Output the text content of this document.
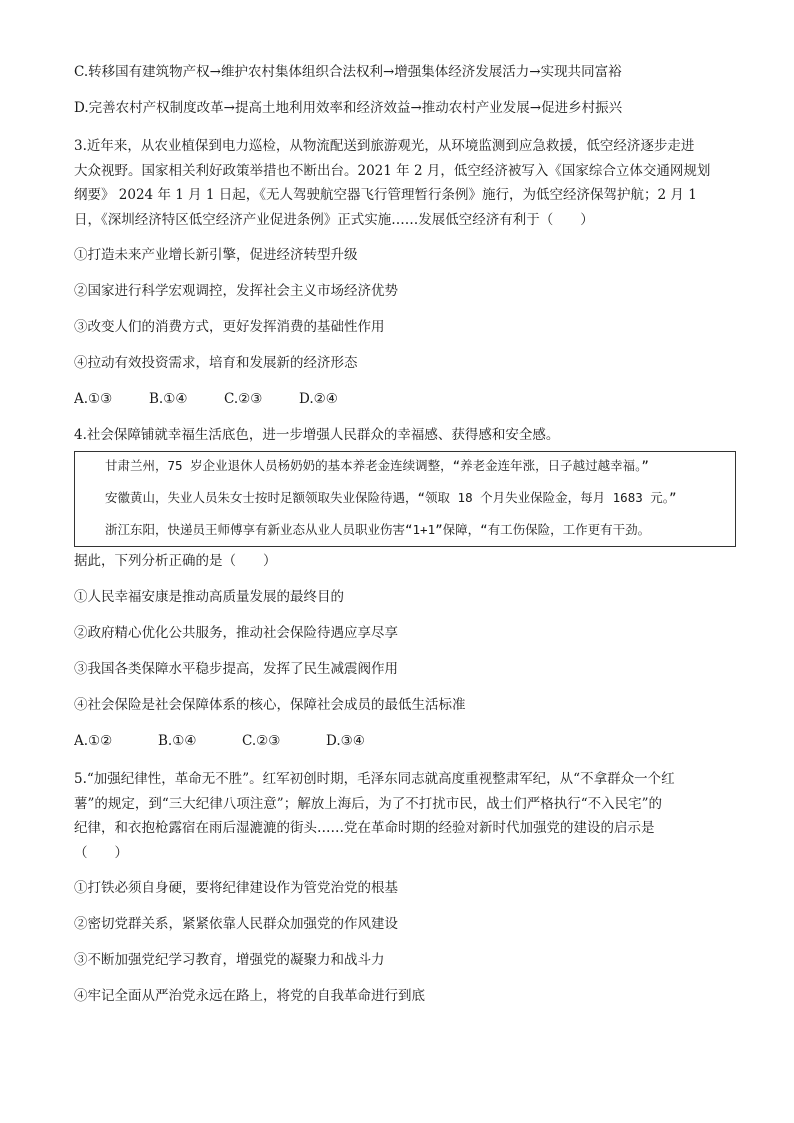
C.转移国有建筑物产权→维护农村集体组织合法权利→增强集体经济发展活力→实现共同富裕
D.完善农村产权制度改革→提高土地利用效率和经济效益→推动农村产业发展→促进乡村振兴
3.近年来，从农业植保到电力巡检，从物流配送到旅游观光，从环境监测到应急救援，低空经济逐步走进
大众视野。国家相关利好政策举措也不断出台。2021 年 2 月，低空经济被写入《国家综合立体交通网规划
纲要》 2024 年 1 月 1 日起，《无人驾驶航空器飞行管理暂行条例》施行，为低空经济保驾护航；2 月 1
日，《深圳经济特区低空经济产业促进条例》正式实施……发展低空经济有利于（　　）
①打造未来产业增长新引擎，促进经济转型升级
②国家进行科学宏观调控，发挥社会主义市场经济优势
③改变人们的消费方式，更好发挥消费的基础性作用
④拉动有效投资需求，培育和发展新的经济形态
A.①③	B.①④	C.②③	D.②④
4.社会保障铺就幸福生活底色，进一步增强人民群众的幸福感、获得感和安全感。
甘肃兰州，75 岁企业退休人员杨奶奶的基本养老金连续调整，“养老金连年涨，日子越过越幸福。”
安徽黄山，失业人员朱女士按时足额领取失业保险待遇，“领取 18 个月失业保险金，每月 1683 元。”
浙江东阳，快递员王师傅享有新业态从业人员职业伤害“1+1”保障，“有工伤保险，工作更有干劲。
据此，下列分析正确的是（　　）
①人民幸福安康是推动高质量发展的最终目的
②政府精心优化公共服务，推动社会保险待遇应享尽享
③我国各类保障水平稳步提高，发挥了民生减震阀作用
④社会保险是社会保障体系的核心，保障社会成员的最低生活标准
A.①②	B.①④	C.②③	D.③④
5.“加强纪律性，革命无不胜”。红军初创时期，毛泽东同志就高度重视整肃军纪，从“不拿群众一个红
薯”的规定，到“三大纪律八项注意”；解放上海后，为了不打扰市民，战士们严格执行“不入民宅”的
纪律，和衣抱枪露宿在雨后湿漉漉的街头……党在革命时期的经验对新时代加强党的建设的启示是
（　　）
①打铁必须自身硬，要将纪律建设作为管党治党的根基
②密切党群关系，紧紧依靠人民群众加强党的作风建设
③不断加强党纪学习教育，增强党的凝聚力和战斗力
④牢记全面从严治党永远在路上，将党的自我革命进行到底
